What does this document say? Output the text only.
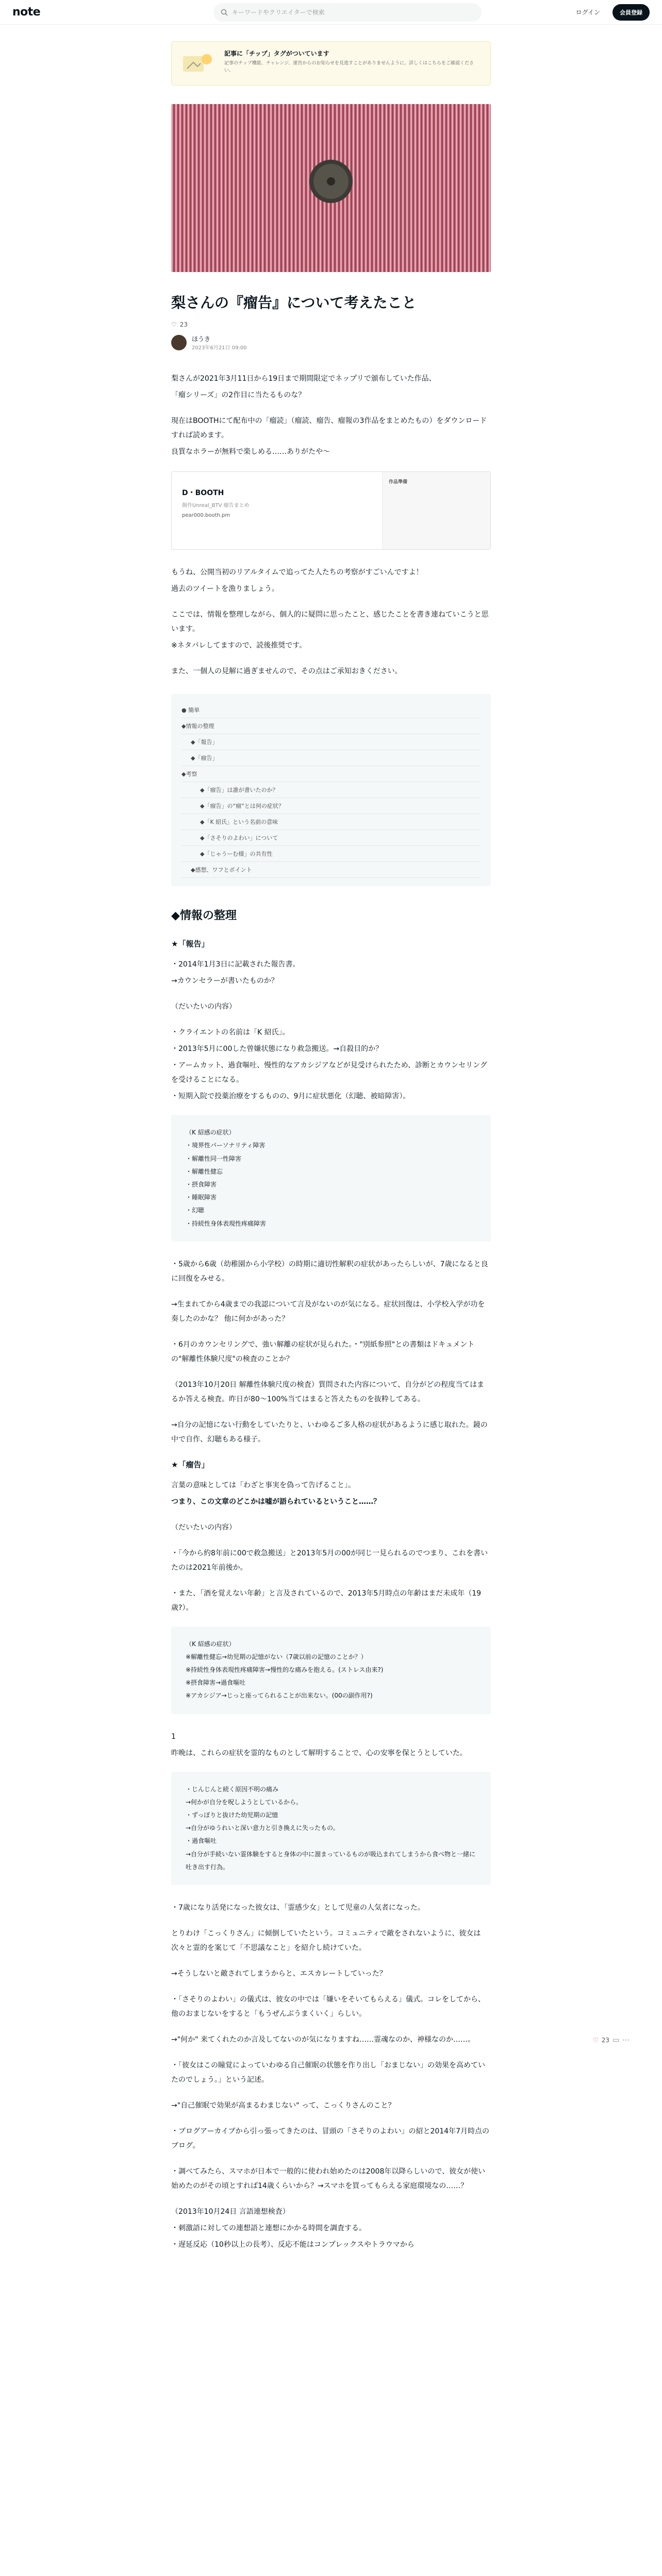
note	キーワードやクリエイターで検索	ログイン	会員登録
記事に「チップ」タグがついています
記事のチップ機能、チャレンジ、運営からのお知らせを見逃すことがありませんように。詳しくはこちらをご確認ください。
梨さんの『瘤告』について考えたこと
♡ 23
ほうき
2023年6月21日 09:00

梨さんが2021年3月11日から19日まで期間限定でネップリで頒布していた作品、

「瘤シリーズ」の2作目に当たるものな？

現在はBOOTHにて配布中の「瘤読」（瘤読、瘤告、瘤報の3作品をまとめたもの）をダウンロードすれば読めます。

良質なホラーが無料で楽しめる……ありがたや〜

D・BOOTH
創作Unreal_BTV 瘤告まとめ
pear000.booth.pm
作品準備

もうね、公開当初のリアルタイムで追ってた人たちの考察がすごいんですよ！

過去のツイートを漁りましょう。

ここでは、情報を整理しながら、個人的に疑問に思ったこと、感じたことを書き連ねていこうと思います。

※ネタバレしてますので、読後推奨です。

また、一個人の見解に過ぎませんので、その点はご承知おきください。

● 簡単
◆情報の整理
◆「報告」
◆「瘤告」
◆考察
◆「瘤告」は誰が書いたのか？
◆「瘤告」の“瘤”とは何の症状？
◆「K 紹氏」という名前の意味
◆「さそりのよわい」について
◆「じゃうーむ様」の共有性
◆感想、ワフとポイント
◆情報の整理
★「報告」

・2014年1月3日に記載された報告書。

→カウンセラーが書いたものか？

（だいたいの内容）

・クライエントの名前は「K 紹氏」。

・2013年5月に00した曾嫌状態になり救急搬送。→自殺目的か？

・アームカット、過食嘔吐、慢性的なアカシジアなどが見受けられたため、診断とカウンセリングを受けることになる。

・短期入院で投薬治療をするものの、9月に症状悪化（幻聴、被暗障害）。

（K 紹感の症状）
・境界性パーソナリティ障害
・解離性同一性障害
・解離性健忘
・摂食障害
・睡眠障害
・幻聴
・持続性身体表現性疼痛障害

・5歳から6歳（幼稚園から小学校）の時期に適切性解釈の症状があったらしいが、7歳になると良に回復をみせる。

→生まれてから4歳までの我認について言及がないのが気になる。症状回復は、小学校入学が功を奏したのかな？ 他に何かがあった？

・6月のカウンセリングで、強い解離の症状が見られた。・"別紙参照"との書類はドキュメントの"解離性体験尺度"の検査のことか？

（2013年10月20日 解離性体験尺度の検査）質問された内容について、自分がどの程度当てはまるか答える検査。昨日が80〜100%当てはまると答えたものを抜粋してある。

→自分の記憶にない行動をしていたりと、いわゆるご多人格の症状があるように感じ取れた。鏡の中で自作、幻聴もある様子。

★「瘤告」

言葉の意味としては「わざと事実を偽って告げること」。

つまり、この文章のどこかは嘘が語られているということ……？

（だいたいの内容）

・「今から約8年前に00で救急搬送」と2013年5月の00が同じ一見られるのでつまり、これを書いたのは2021年前後か。

・また、「酒を覚えない年齢」と言及されているので、2013年5月時点の年齢はまだ未成年（19歳?）。

（K 紹感の症状）
※解離性健忘→幼児期の記憶がない（7歳以前の記憶のことか？）
※持続性身体表現性疼痛障害→慢性的な痛みを抱える。(ストレス由来?)
※摂食障害→過食嘔吐
※アカシジア→じっと座ってられることが出来ない。(00の副作用?)

1

昨晩は、これらの症状を霊的なものとして解明することで、心の安寧を保とうとしていた。

・じんじんと続く原因不明の痛み
→何かが自分を呪しようとしているから。
・ずっぽりと抜けた幼児期の記憶
→自分がゆうれいと深い意力と引き換えに失ったもの。
・過食嘔吐
→自分が手続いない霊体験をすると身体の中に溜まっているものが吸込まれてしまうから食べ物と一緒に吐き出す行為。

・7歳になり活発になった彼女は、「霊感少女」として児童の人気者になった。

とりわけ「こっくりさん」に傾倒していたという。コミュニティで敵をされないように、彼女は次々と霊的を案じて「不思議なこと」を紹介し続けていた。

→そうしないと敵されてしまうからと、エスカレートしていった？

・「さそりのよわい」の儀式は、彼女の中では「嫌いをそいてもらえる」儀式。コレをしてから、他のおまじないをすると「もうぜんぶうまくいく」らしい。

→"何か" 来てくれたのか言及してないのが気になりますね……霊魂なのか、神様なのか……。

・「彼女はこの瞳覚によっていわゆる自己催眠の状態を作り出し「おまじない」の効果を高めていたのでしょう。」という記述。

→"自己催眠で効果が高まるわまじない" って、こっくりさんのこと？

・ブログアーカイブから引っ張ってきたのは、冒頭の「さそりのよわい」の紹と2014年7月時点のブログ。

・調べてみたら、スマホが日本で一般的に使われ始めたのは2008年以降らしいので、彼女が使い始めたのがその頃とすれば14歳くらいから？→スマホを買ってもらえる家庭環境なの……？

（2013年10月24日 言語連想検査）

・刺激語に対しての連想語と連想にかかる時間を調査する。

・遅延反応（10秒以上の長考）、反応不能はコンプレックスやトラウマから

♡ 23 ▭ ⋯
